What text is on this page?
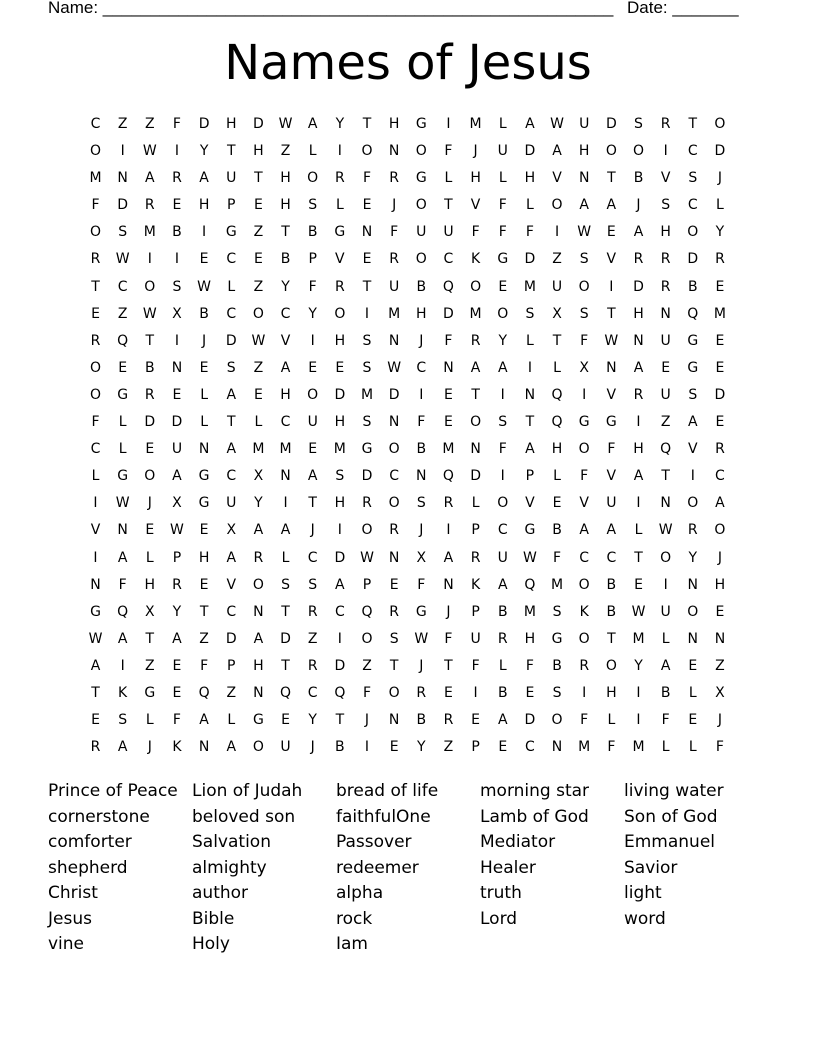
Name: ______________________________________________________ Date: _______
Names of Jesus
C	Z	Z	F	D	H	D	W	A	Y	T	H	G	I	M	L	A	W	U	D	S	R	T	O
O	I	W	I	Y	T	H	Z	L	I	O	N	O	F	J	U	D	A	H	O	O	I	C	D
M	N	A	R	A	U	T	H	O	R	F	R	G	L	H	L	H	V	N	T	B	V	S	J
F	D	R	E	H	P	E	H	S	L	E	J	O	T	V	F	L	O	A	A	J	S	C	L
O	S	M	B	I	G	Z	T	B	G	N	F	U	U	F	F	F	I	W	E	A	H	O	Y
R	W	I	I	E	C	E	B	P	V	E	R	O	C	K	G	D	Z	S	V	R	R	D	R
T	C	O	S	W	L	Z	Y	F	R	T	U	B	Q	O	E	M	U	O	I	D	R	B	E
E	Z	W	X	B	C	O	C	Y	O	I	M	H	D	M	O	S	X	S	T	H	N	Q	M
R	Q	T	I	J	D	W	V	I	H	S	N	J	F	R	Y	L	T	F	W	N	U	G	E
O	E	B	N	E	S	Z	A	E	E	S	W	C	N	A	A	I	L	X	N	A	E	G	E
O	G	R	E	L	A	E	H	O	D	M	D	I	E	T	I	N	Q	I	V	R	U	S	D
F	L	D	D	L	T	L	C	U	H	S	N	F	E	O	S	T	Q	G	G	I	Z	A	E
C	L	E	U	N	A	M	M	E	M	G	O	B	M	N	F	A	H	O	F	H	Q	V	R
L	G	O	A	G	C	X	N	A	S	D	C	N	Q	D	I	P	L	F	V	A	T	I	C
I	W	J	X	G	U	Y	I	T	H	R	O	S	R	L	O	V	E	V	U	I	N	O	A
V	N	E	W	E	X	A	A	J	I	O	R	J	I	P	C	G	B	A	A	L	W	R	O
I	A	L	P	H	A	R	L	C	D	W	N	X	A	R	U	W	F	C	C	T	O	Y	J
N	F	H	R	E	V	O	S	S	A	P	E	F	N	K	A	Q	M	O	B	E	I	N	H
G	Q	X	Y	T	C	N	T	R	C	Q	R	G	J	P	B	M	S	K	B	W	U	O	E
W	A	T	A	Z	D	A	D	Z	I	O	S	W	F	U	R	H	G	O	T	M	L	N	N
A	I	Z	E	F	P	H	T	R	D	Z	T	J	T	F	L	F	B	R	O	Y	A	E	Z
T	K	G	E	Q	Z	N	Q	C	Q	F	O	R	E	I	B	E	S	I	H	I	B	L	X
E	S	L	F	A	L	G	E	Y	T	J	N	B	R	E	A	D	O	F	L	I	F	E	J
R	A	J	K	N	A	O	U	J	B	I	E	Y	Z	P	E	C	N	M	F	M	L	L	F
Prince of Peace
cornerstone
comforter
shepherd
Christ
Jesus
vine
Lion of Judah
beloved son
Salvation
almighty
author
Bible
Holy
bread of life
faithfulOne
Passover
redeemer
alpha
rock
Iam
morning star
Lamb of God
Mediator
Healer
truth
Lord
living water
Son of God
Emmanuel
Savior
light
word
